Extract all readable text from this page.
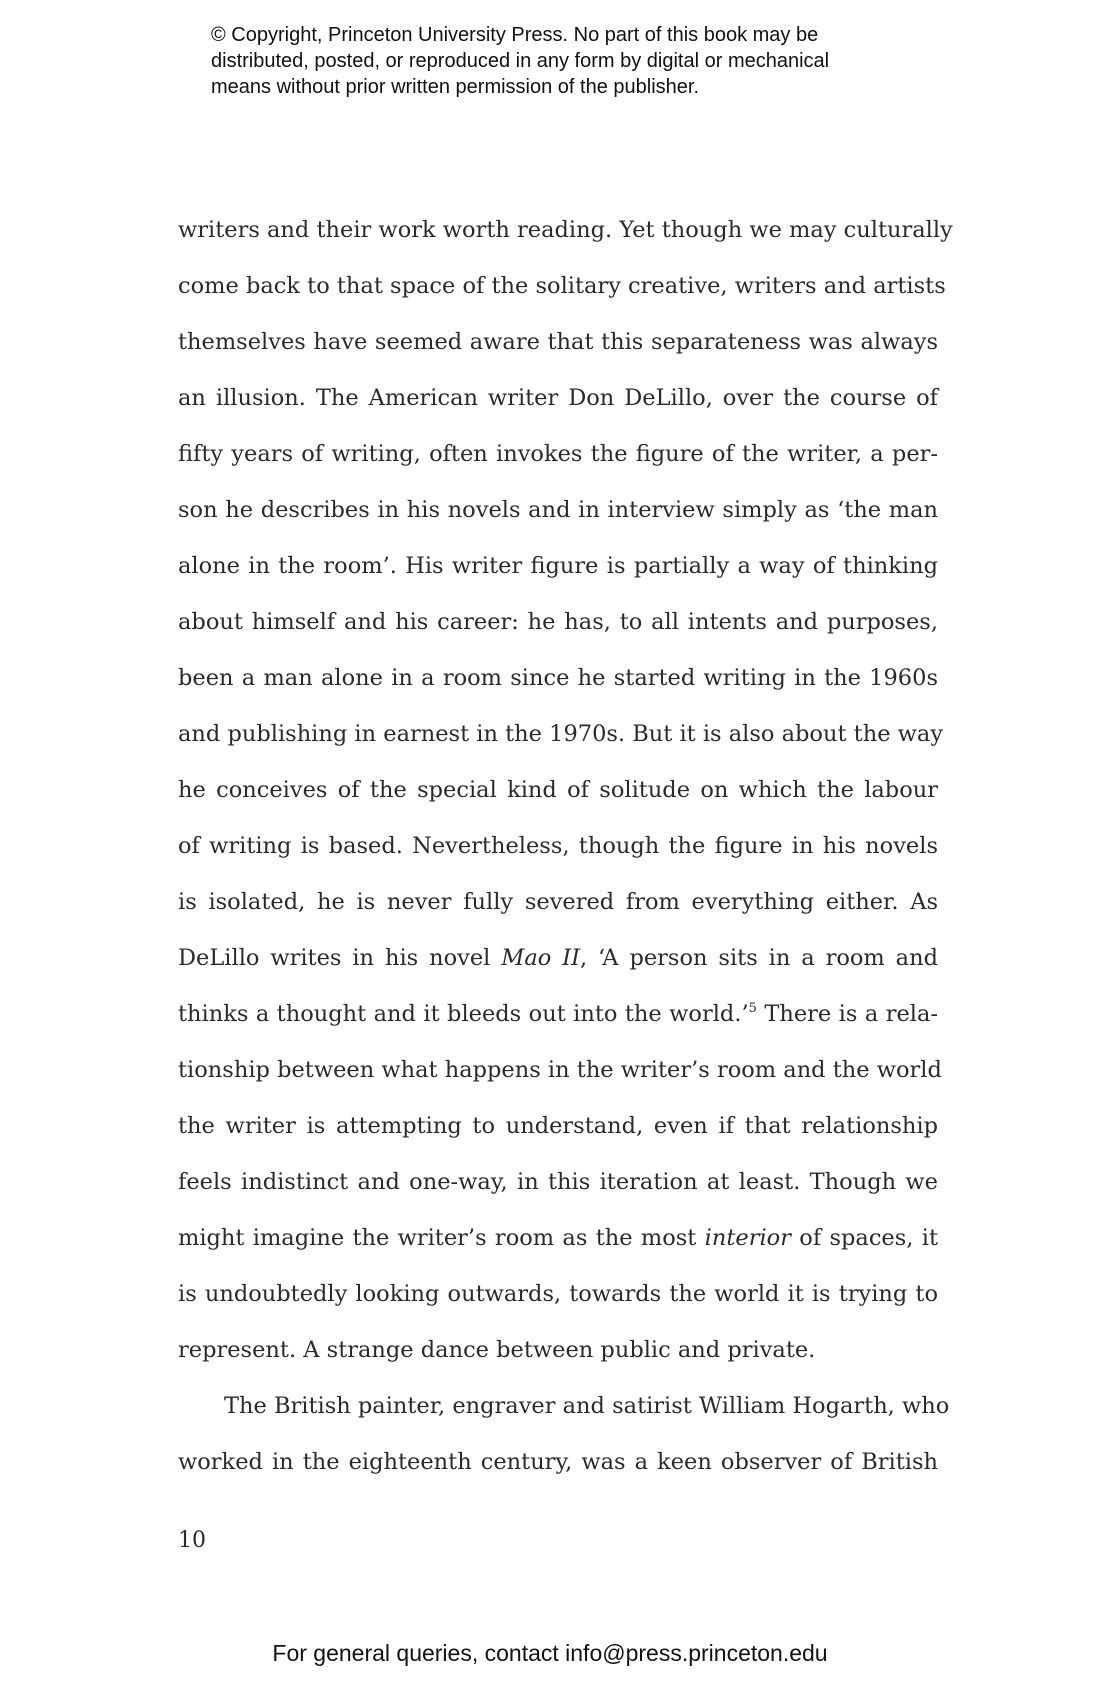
© Copyright, Princeton University Press. No part of this book may be
distributed, posted, or reproduced in any form by digital or mechanical
means without prior written permission of the publisher.
writers and their work worth reading. Yet though we may culturally
come back to that space of the solitary creative, writers and artists
themselves have seemed aware that this separateness was always
an illusion. The American writer Don DeLillo, over the course of
fifty years of writing, often invokes the figure of the writer, a per-
son he describes in his novels and in interview simply as ‘the man
alone in the room’. His writer figure is partially a way of thinking
about himself and his career: he has, to all intents and purposes,
been a man alone in a room since he started writing in the 1960s
and publishing in earnest in the 1970s. But it is also about the way
he conceives of the special kind of solitude on which the labour
of writing is based. Nevertheless, though the figure in his novels
is isolated, he is never fully severed from everything either. As
DeLillo writes in his novel Mao II, ‘A person sits in a room and
thinks a thought and it bleeds out into the world.’$^5$ There is a rela-
tionship between what happens in the writer’s room and the world
the writer is attempting to understand, even if that relationship
feels indistinct and one-way, in this iteration at least. Though we
might imagine the writer’s room as the most interior of spaces, it
is undoubtedly looking outwards, towards the world it is trying to
represent. A strange dance between public and private.
The British painter, engraver and satirist William Hogarth, who
worked in the eighteenth century, was a keen observer of British
10
For general queries, contact info@press.princeton.edu
